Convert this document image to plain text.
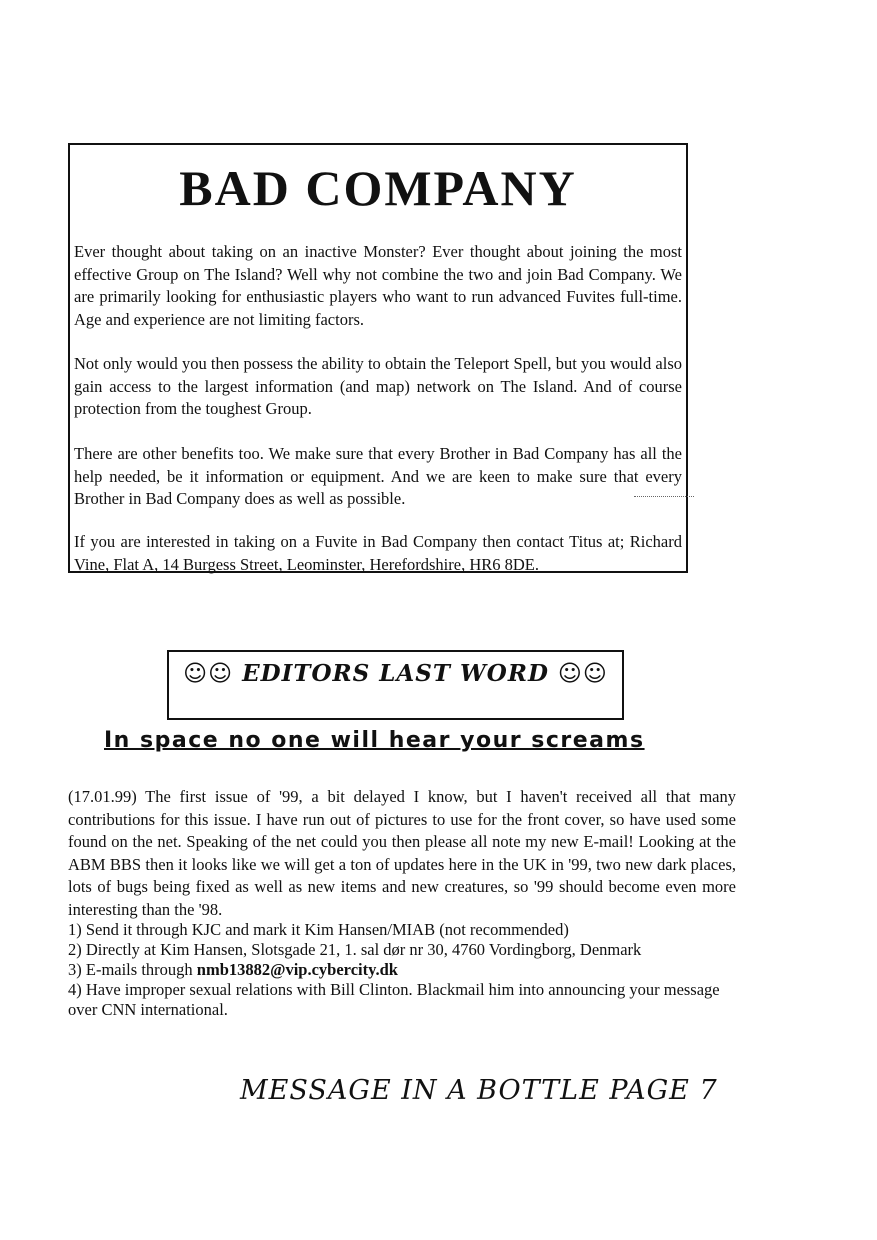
BAD COMPANY

Ever thought about taking on an inactive Monster? Ever thought about joining the most effective Group on The Island? Well why not combine the two and join Bad Company. We are primarily looking for enthusiastic players who want to run advanced Fuvites full-time. Age and experience are not limiting factors.

Not only would you then possess the ability to obtain the Teleport Spell, but you would also gain access to the largest information (and map) network on The Island. And of course protection from the toughest Group.

There are other benefits too. We make sure that every Brother in Bad Company has all the help needed, be it information or equipment. And we are keen to make sure that every Brother in Bad Company does as well as possible.

If you are interested in taking on a Fuvite in Bad Company then contact Titus at; Richard Vine, Flat A, 14 Burgess Street, Leominster, Herefordshire, HR6 8DE.

☺☺ EDITORS LAST WORD ☺☺
In space no one will hear your screams

(17.01.99) The first issue of '99, a bit delayed I know, but I haven't received all that many contributions for this issue. I have run out of pictures to use for the front cover, so have used some found on the net. Speaking of the net could you then please all note my new E-mail! Looking at the ABM BBS then it looks like we will get a ton of updates here in the UK in '99, two new dark places, lots of bugs being fixed as well as new items and new creatures, so '99 should become even more interesting than the '98.

1) Send it through KJC and mark it Kim Hansen/MIAB (not recommended)
2) Directly at Kim Hansen, Slotsgade 21, 1. sal dør nr 30, 4760 Vordingborg, Denmark
3) E-mails through nmb13882@vip.cybercity.dk
4) Have improper sexual relations with Bill Clinton. Blackmail him into announcing your message over CNN international.

MESSAGE IN A BOTTLE PAGE 7
